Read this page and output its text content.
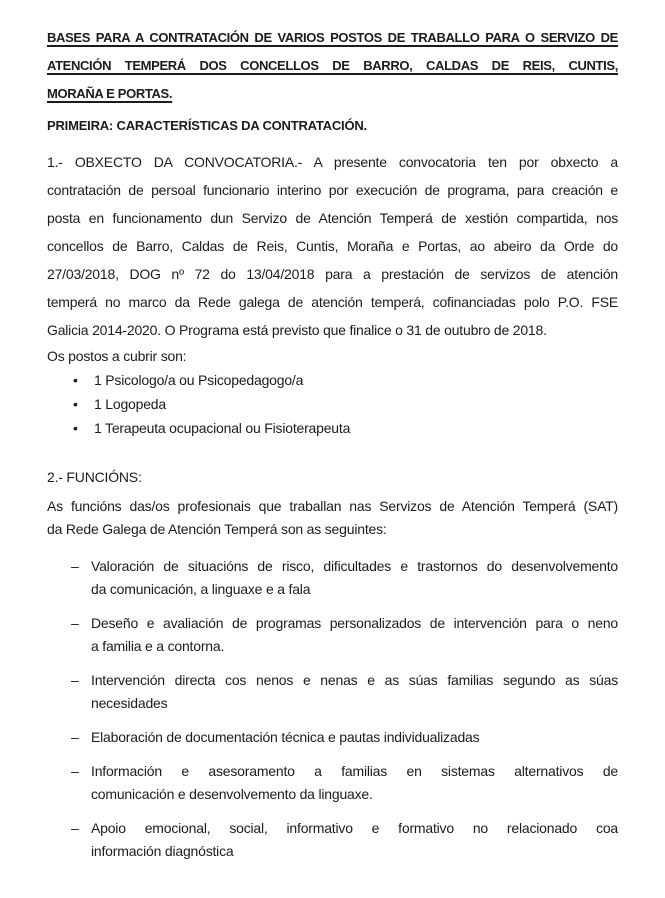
BASES PARA A CONTRATACIÓN DE VARIOS POSTOS DE TRABALLO PARA O SERVIZO DE
ATENCIÓN TEMPERÁ DOS CONCELLOS DE BARRO, CALDAS DE REIS, CUNTIS,
MORAÑA E PORTAS.
PRIMEIRA: CARACTERÍSTICAS DA CONTRATACIÓN.
1.- OBXECTO DA CONVOCATORIA.- A presente convocatoria ten por obxecto a
contratación de persoal funcionario interino por execución de programa, para creación e
posta en funcionamento dun Servizo de Atención Temperá de xestión compartida, nos
concellos de Barro, Caldas de Reis, Cuntis, Moraña e Portas, ao abeiro da Orde do
27/03/2018, DOG nº 72 do 13/04/2018 para a prestación de servizos de atención
temperá no marco da Rede galega de atención temperá, cofinanciadas polo P.O. FSE
Galicia 2014-2020. O Programa está previsto que finalice o 31 de outubro de 2018.
Os postos a cubrir son:
• 1 Psicologo/a ou Psicopedagogo/a
• 1 Logopeda
• 1 Terapeuta ocupacional ou Fisioterapeuta
2.- FUNCIÓNS:
As funcións das/os profesionais que traballan nas Servizos de Atención Temperá (SAT)
da Rede Galega de Atención Temperá son as seguintes:
– Valoración de situacións de risco, dificultades e trastornos do desenvolvemento
da comunicación, a linguaxe e a fala
– Deseño e avaliación de programas personalizados de intervención para o neno
a familia e a contorna.
– Intervención directa cos nenos e nenas e as súas familias segundo as súas
necesidades
– Elaboración de documentación técnica e pautas individualizadas
– Información e asesoramento a familias en sistemas alternativos de
comunicación e desenvolvemento da linguaxe.
– Apoio emocional, social, informativo e formativo no relacionado coa
información diagnóstica
